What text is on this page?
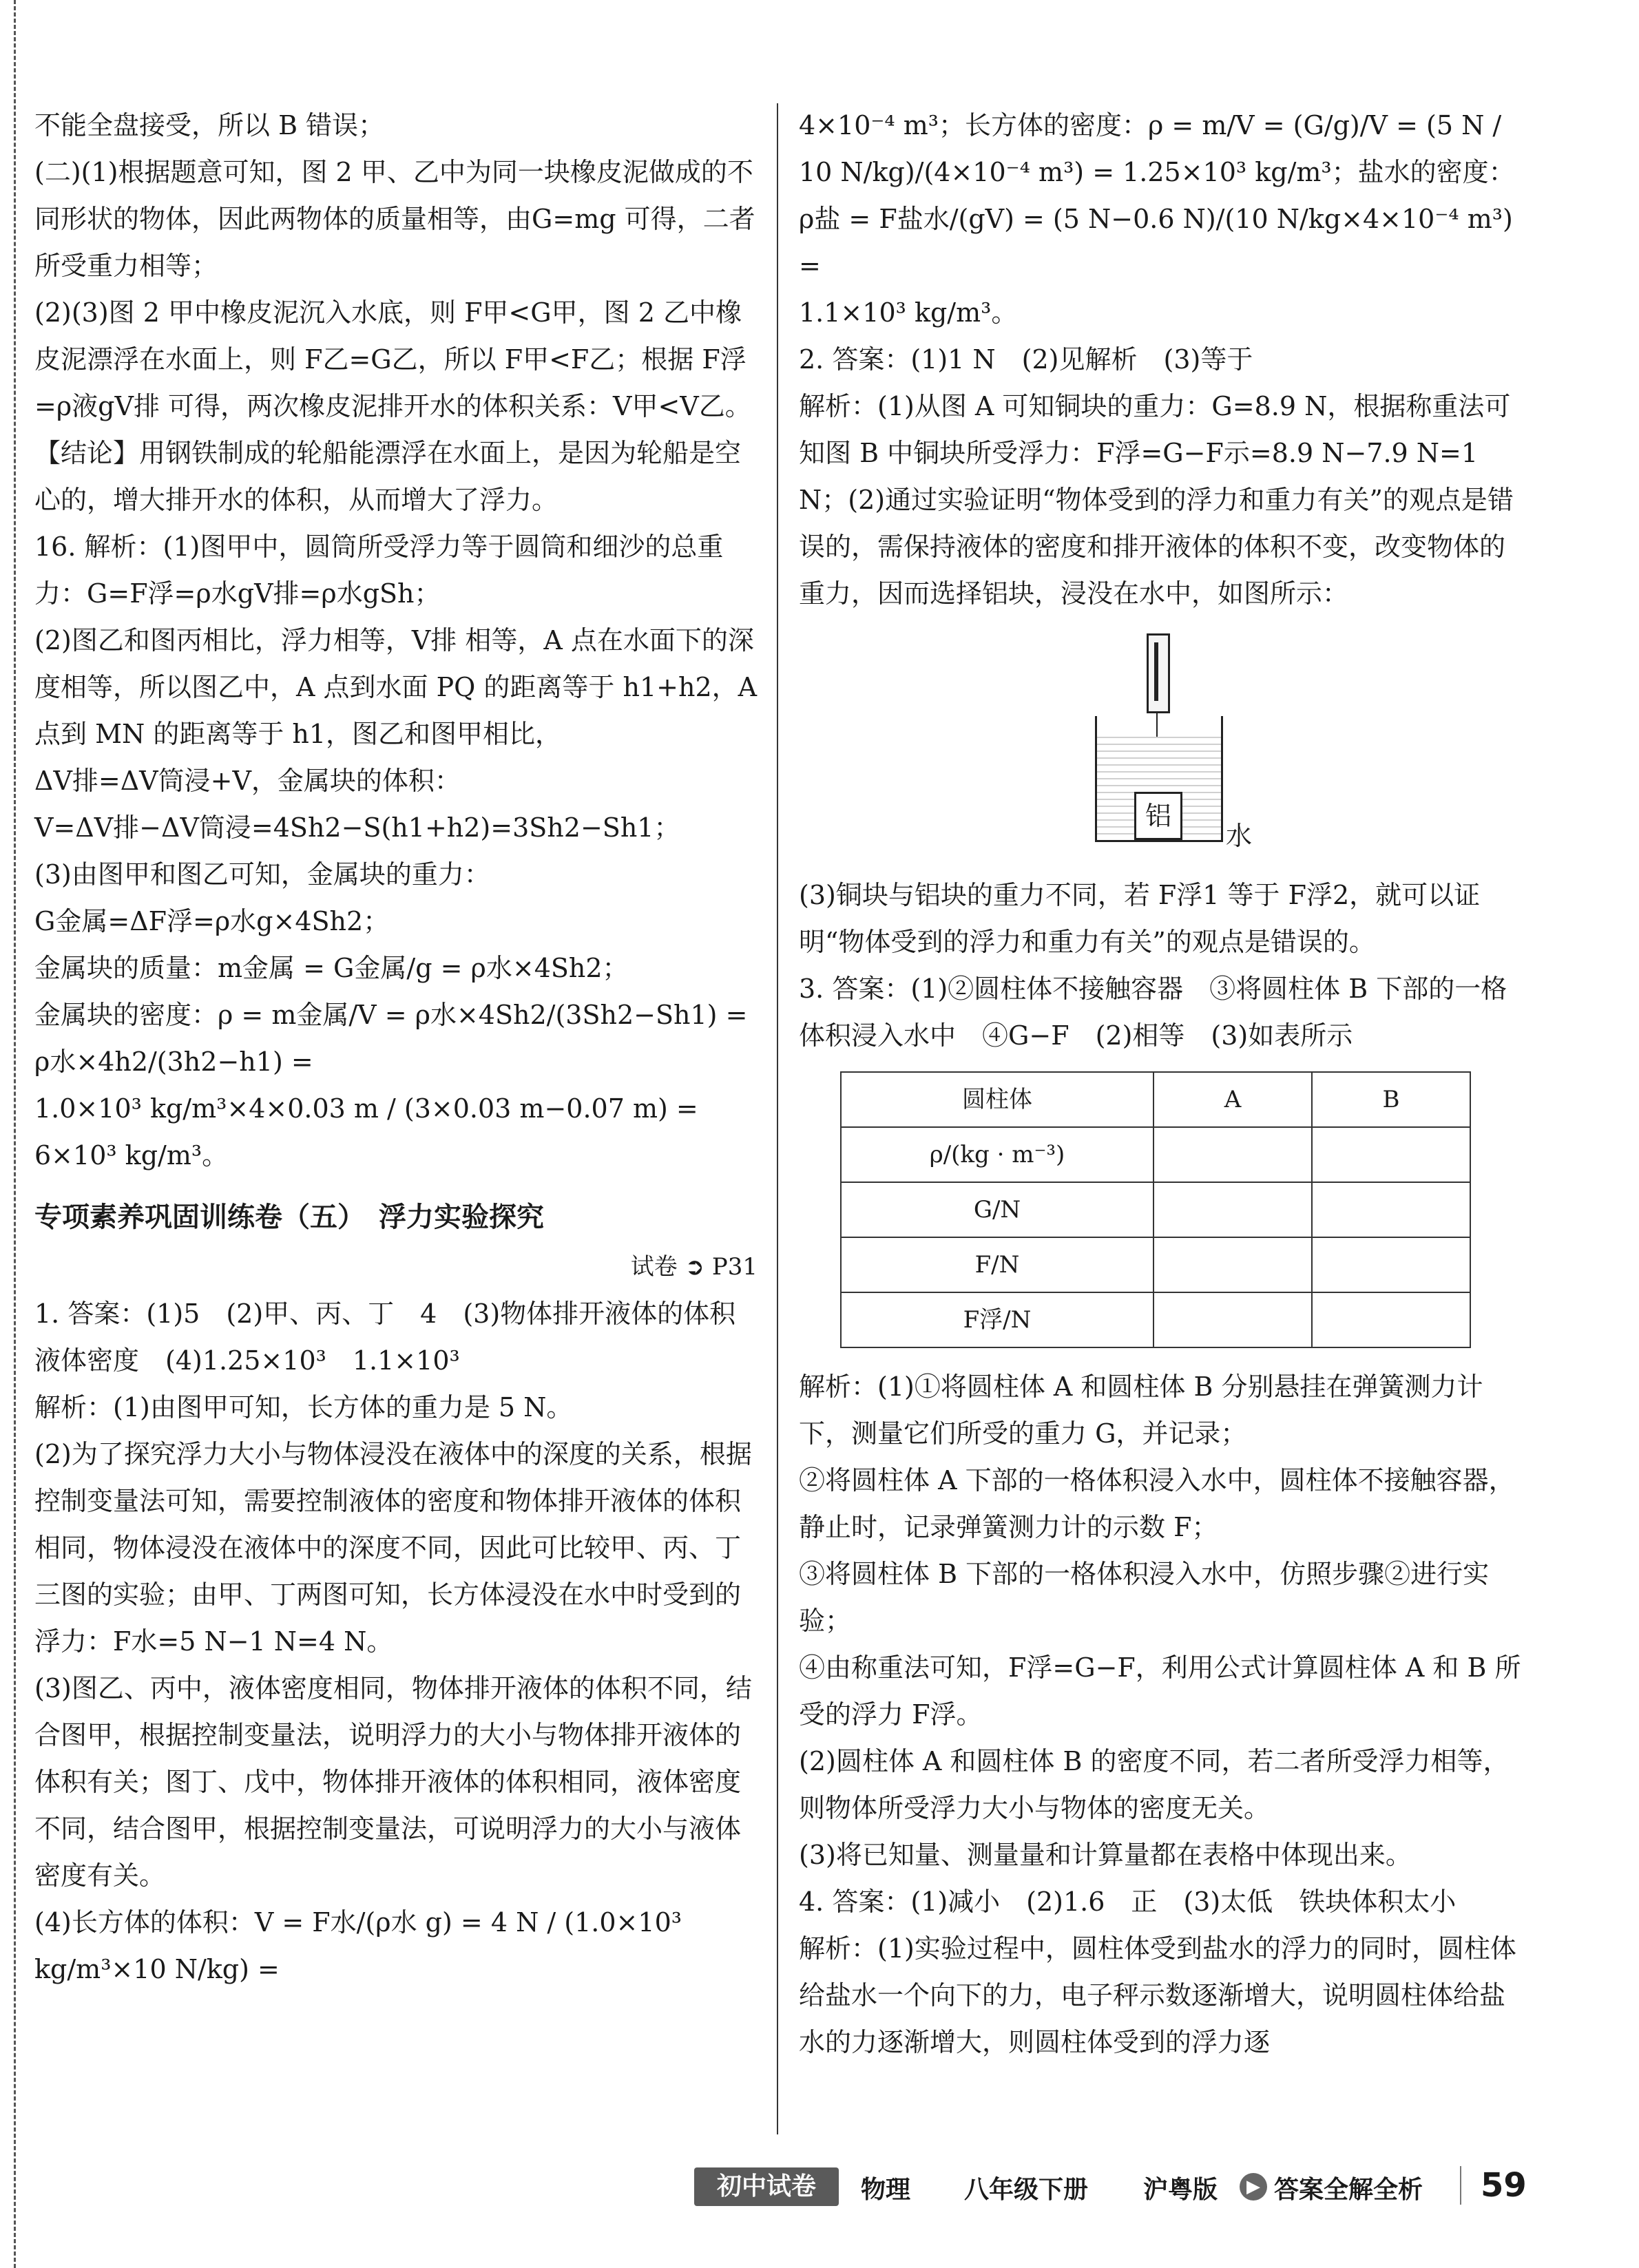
不能全盘接受，所以 B 错误；

(二)(1)根据题意可知，图 2 甲、乙中为同一块橡皮泥做成的不同形状的物体，因此两物体的质量相等，由G=mg 可得，二者所受重力相等；

(2)(3)图 2 甲中橡皮泥沉入水底，则 F甲<G甲，图 2 乙中橡皮泥漂浮在水面上，则 F乙=G乙，所以 F甲<F乙；根据 F浮=ρ液gV排 可得，两次橡皮泥排开水的体积关系：V甲<V乙。

【结论】用钢铁制成的轮船能漂浮在水面上，是因为轮船是空心的，增大排开水的体积，从而增大了浮力。

16. 解析：(1)图甲中，圆筒所受浮力等于圆筒和细沙的总重力：G=F浮=ρ水gV排=ρ水gSh；

(2)图乙和图丙相比，浮力相等，V排 相等，A 点在水面下的深度相等，所以图乙中，A 点到水面 PQ 的距离等于 h1+h2，A 点到 MN 的距离等于 h1，图乙和图甲相比，

ΔV排=ΔV筒浸+V，金属块的体积：

V=ΔV排−ΔV筒浸=4Sh2−S(h1+h2)=3Sh2−Sh1；

(3)由图甲和图乙可知，金属块的重力：

G金属=ΔF浮=ρ水g×4Sh2；

金属块的质量：m金属 = G金属/g = ρ水×4Sh2；

金属块的密度：ρ = m金属/V = ρ水×4Sh2/(3Sh2−Sh1) = ρ水×4h2/(3h2−h1) =

1.0×10³ kg/m³×4×0.03 m / (3×0.03 m−0.07 m) = 6×10³ kg/m³。

专项素养巩固训练卷（五）　浮力实验探究

试卷 ➲ P31

1. 答案：(1)5　(2)甲、丙、丁　4　(3)物体排开液体的体积　液体密度　(4)1.25×10³　1.1×10³

解析：(1)由图甲可知，长方体的重力是 5 N。

(2)为了探究浮力大小与物体浸没在液体中的深度的关系，根据控制变量法可知，需要控制液体的密度和物体排开液体的体积相同，物体浸没在液体中的深度不同，因此可比较甲、丙、丁三图的实验；由甲、丁两图可知，长方体浸没在水中时受到的浮力：F水=5 N−1 N=4 N。

(3)图乙、丙中，液体密度相同，物体排开液体的体积不同，结合图甲，根据控制变量法，说明浮力的大小与物体排开液体的体积有关；图丁、戊中，物体排开液体的体积相同，液体密度不同，结合图甲，根据控制变量法，可说明浮力的大小与液体密度有关。

(4)长方体的体积：V = F水/(ρ水 g) = 4 N / (1.0×10³ kg/m³×10 N/kg) =

4×10⁻⁴ m³；长方体的密度：ρ = m/V = (G/g)/V = (5 N / 10 N/kg)/(4×10⁻⁴ m³) = 1.25×10³ kg/m³；盐水的密度：ρ盐 = F盐水/(gV) = (5 N−0.6 N)/(10 N/kg×4×10⁻⁴ m³) =

1.1×10³ kg/m³。

2. 答案：(1)1 N　(2)见解析　(3)等于

解析：(1)从图 A 可知铜块的重力：G=8.9 N，根据称重法可知图 B 中铜块所受浮力：F浮=G−F示=8.9 N−7.9 N=1 N；(2)通过实验证明“物体受到的浮力和重力有关”的观点是错误的，需保持液体的密度和排开液体的体积不变，改变物体的重力，因而选择铝块，浸没在水中，如图所示：

铝
水

(3)铜块与铝块的重力不同，若 F浮1 等于 F浮2，就可以证明“物体受到的浮力和重力有关”的观点是错误的。

3. 答案：(1)②圆柱体不接触容器　③将圆柱体 B 下部的一格体积浸入水中　④G−F　(2)相等　(3)如表所示

圆柱体	A	B
ρ/(kg · m⁻³)		
G/N		
F/N		
F浮/N		

解析：(1)①将圆柱体 A 和圆柱体 B 分别悬挂在弹簧测力计下，测量它们所受的重力 G，并记录；

②将圆柱体 A 下部的一格体积浸入水中，圆柱体不接触容器，静止时，记录弹簧测力计的示数 F；

③将圆柱体 B 下部的一格体积浸入水中，仿照步骤②进行实验；

④由称重法可知，F浮=G−F，利用公式计算圆柱体 A 和 B 所受的浮力 F浮。

(2)圆柱体 A 和圆柱体 B 的密度不同，若二者所受浮力相等，则物体所受浮力大小与物体的密度无关。

(3)将已知量、测量量和计算量都在表格中体现出来。

4. 答案：(1)减小　(2)1.6　正　(3)太低　铁块体积太小

解析：(1)实验过程中，圆柱体受到盐水的浮力的同时，圆柱体给盐水一个向下的力，电子秤示数逐渐增大，说明圆柱体给盐水的力逐渐增大，则圆柱体受到的浮力逐

初中试卷	物理 八年级下册 沪粤版	▶ 答案全解全析 59
